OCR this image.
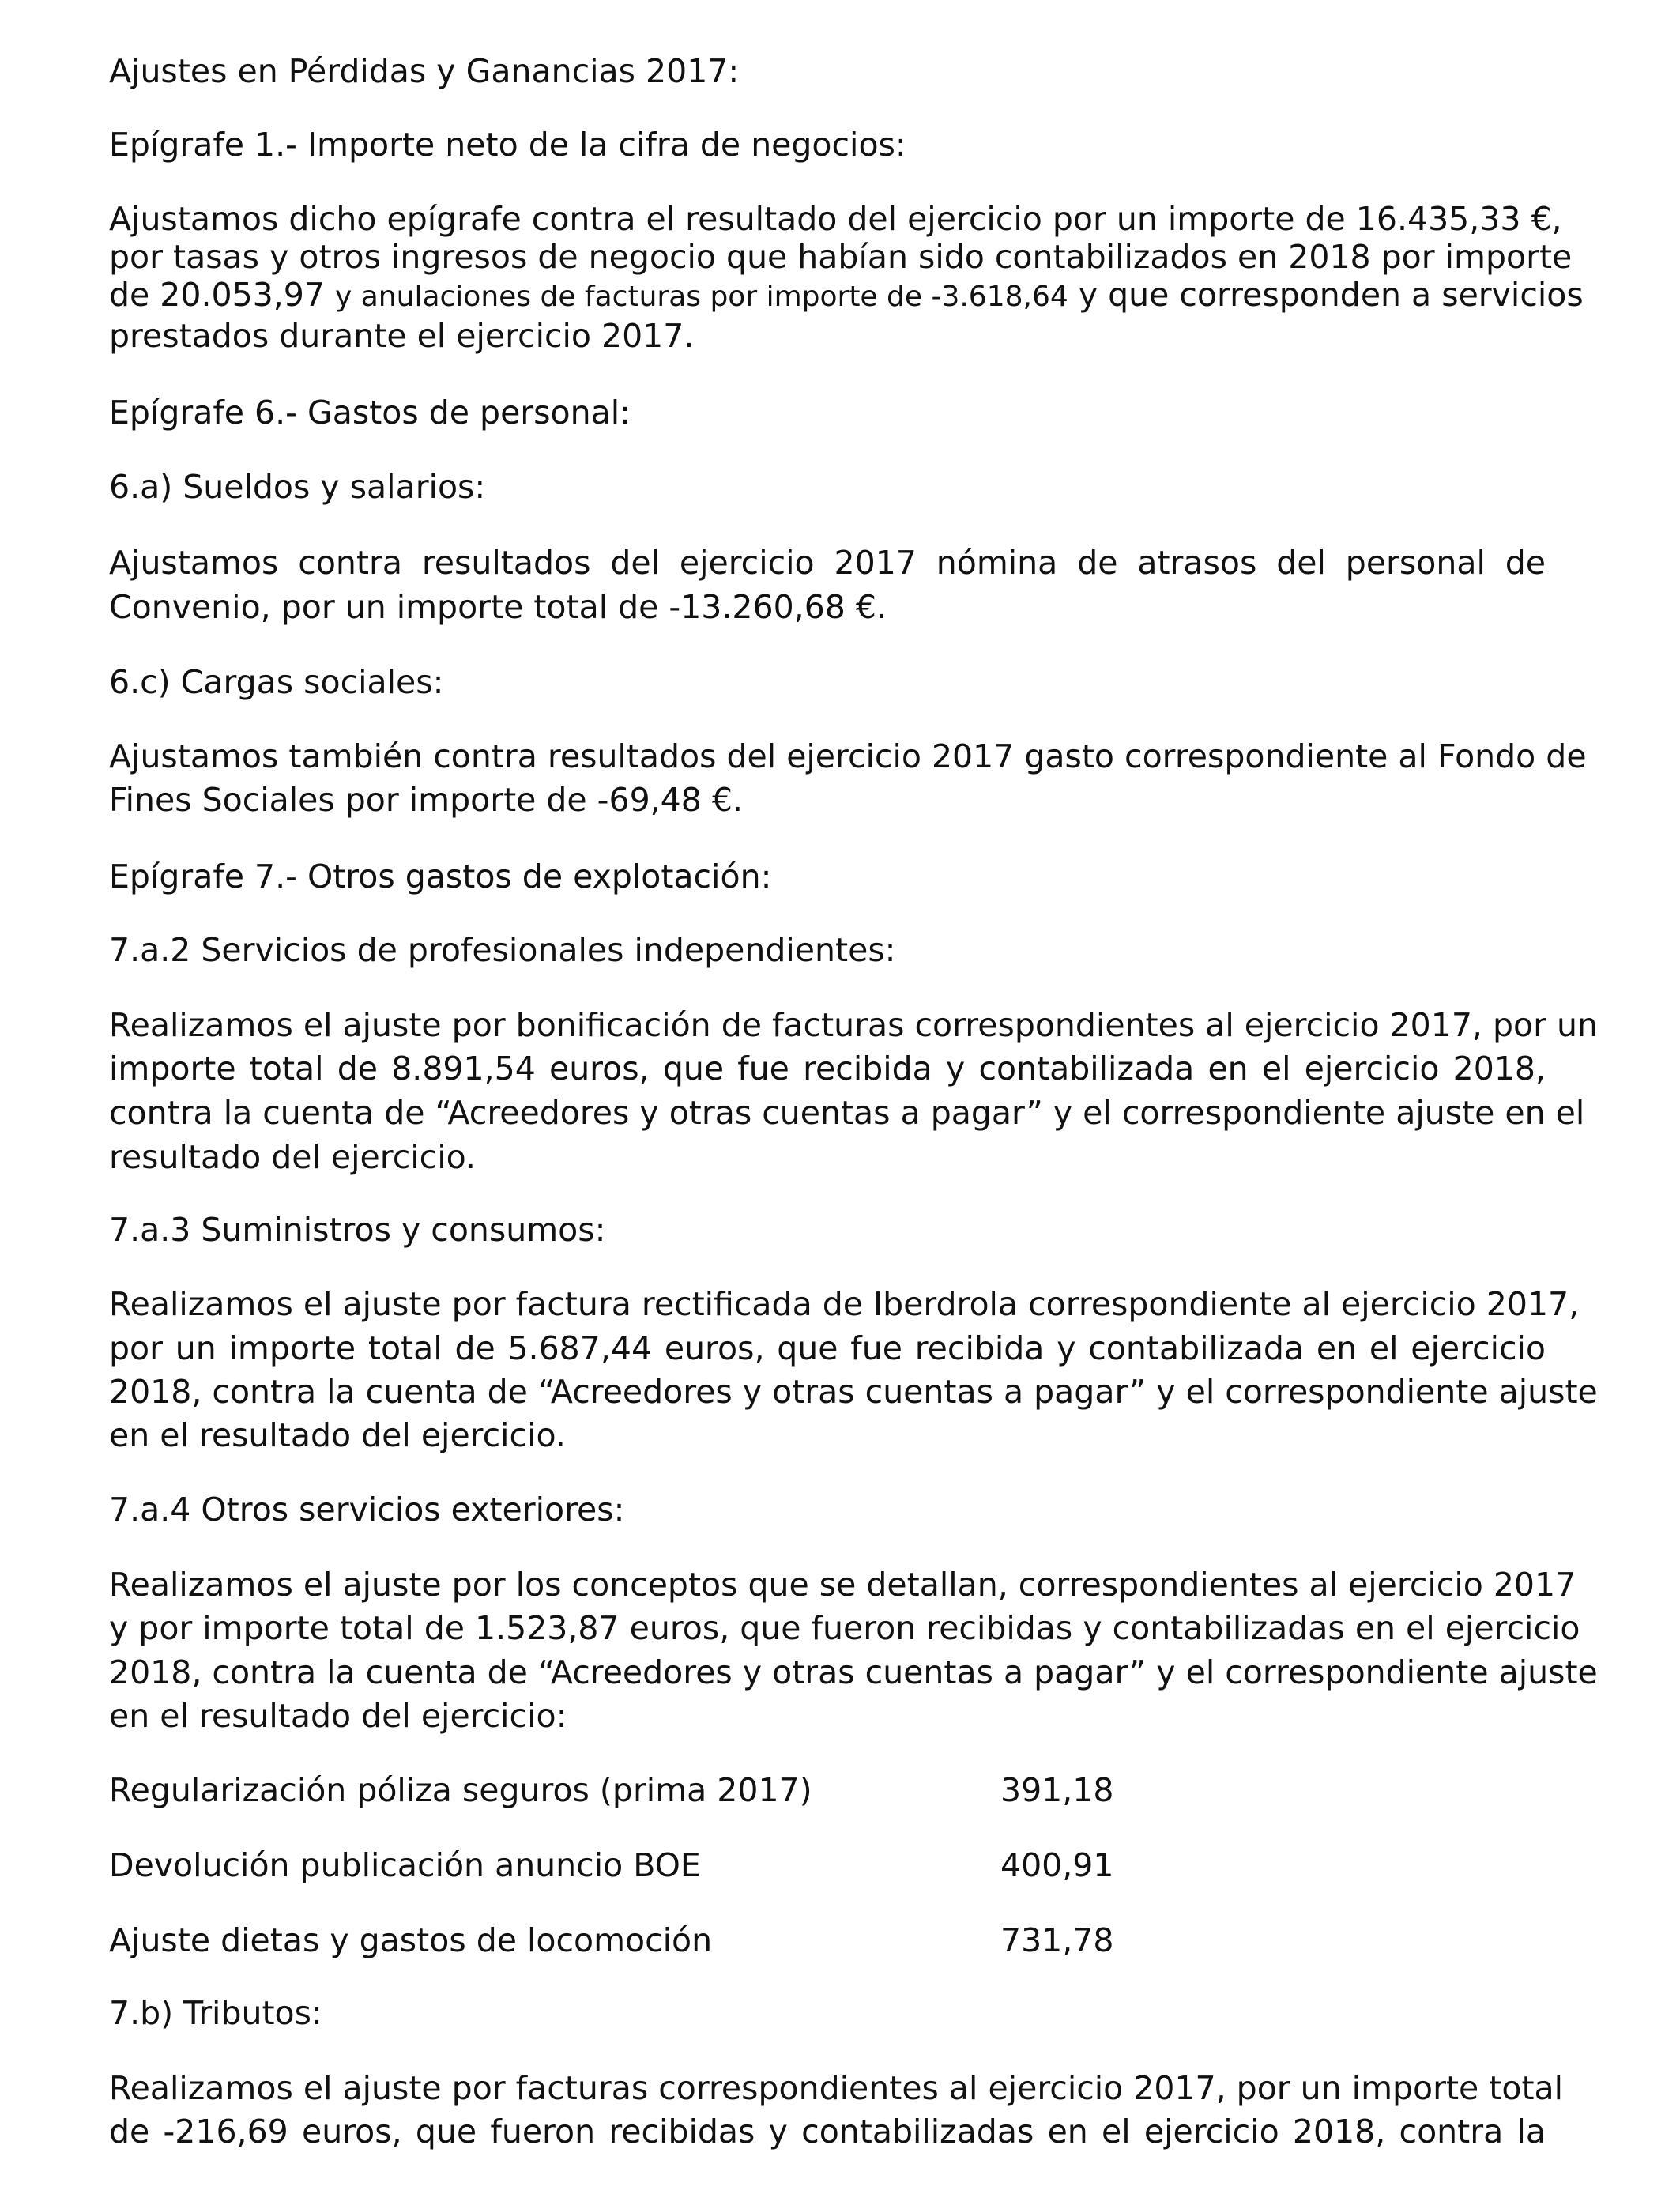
Ajustes en Pérdidas y Ganancias 2017:
Epígrafe 1.- Importe neto de la cifra de negocios:
Ajustamos dicho epígrafe contra el resultado del ejercicio por un importe de 16.435,33 €,
por tasas y otros ingresos de negocio que habían sido contabilizados en 2018 por importe
de 20.053,97 y anulaciones de facturas por importe de -3.618,64 y que corresponden a servicios
prestados durante el ejercicio 2017.
Epígrafe 6.- Gastos de personal:
6.a) Sueldos y salarios:
Ajustamos contra resultados del ejercicio 2017 nómina de atrasos del personal de
Convenio, por un importe total de -13.260,68 €.
6.c) Cargas sociales:
Ajustamos también contra resultados del ejercicio 2017 gasto correspondiente al Fondo de
Fines Sociales por importe de -69,48 €.
Epígrafe 7.- Otros gastos de explotación:
7.a.2 Servicios de profesionales independientes:
Realizamos el ajuste por bonificación de facturas correspondientes al ejercicio 2017, por un
importe total de 8.891,54 euros, que fue recibida y contabilizada en el ejercicio 2018,
contra la cuenta de “Acreedores y otras cuentas a pagar” y el correspondiente ajuste en el
resultado del ejercicio.
7.a.3 Suministros y consumos:
Realizamos el ajuste por factura rectificada de Iberdrola correspondiente al ejercicio 2017,
por un importe total de 5.687,44 euros, que fue recibida y contabilizada en el ejercicio
2018, contra la cuenta de “Acreedores y otras cuentas a pagar” y el correspondiente ajuste
en el resultado del ejercicio.
7.a.4 Otros servicios exteriores:
Realizamos el ajuste por los conceptos que se detallan, correspondientes al ejercicio 2017
y por importe total de 1.523,87 euros, que fueron recibidas y contabilizadas en el ejercicio
2018, contra la cuenta de “Acreedores y otras cuentas a pagar” y el correspondiente ajuste
en el resultado del ejercicio:
Regularización póliza seguros (prima 2017)	391,18
Devolución publicación anuncio BOE	400,91
Ajuste dietas y gastos de locomoción	731,78
7.b) Tributos:
Realizamos el ajuste por facturas correspondientes al ejercicio 2017, por un importe total
de -216,69 euros, que fueron recibidas y contabilizadas en el ejercicio 2018, contra la
